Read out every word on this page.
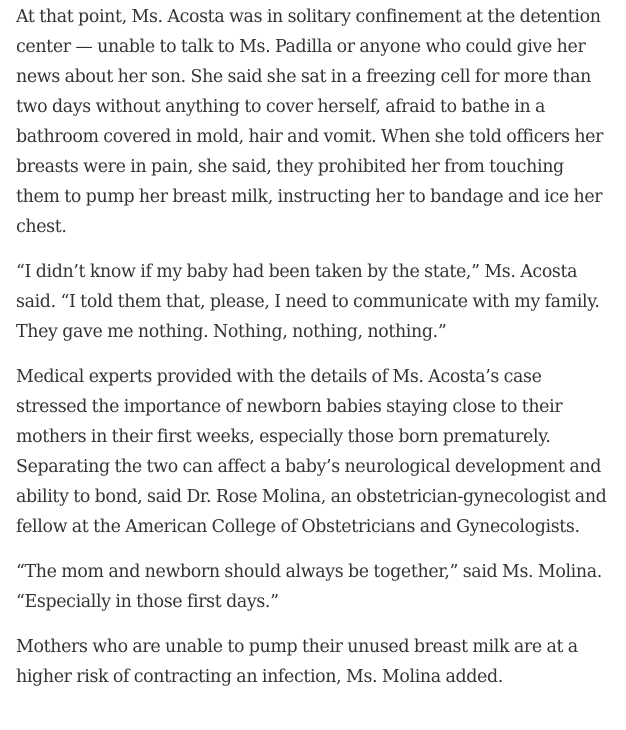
At that point, Ms. Acosta was in solitary confinement at the detention center — unable to talk to Ms. Padilla or anyone who could give her news about her son. She said she sat in a freezing cell for more than two days without anything to cover herself, afraid to bathe in a bathroom covered in mold, hair and vomit. When she told officers her breasts were in pain, she said, they prohibited her from touching them to pump her breast milk, instructing her to bandage and ice her chest.

“I didn’t know if my baby had been taken by the state,” Ms. Acosta said. “I told them that, please, I need to communicate with my family. They gave me nothing. Nothing, nothing, nothing.”

Medical experts provided with the details of Ms. Acosta’s case stressed the importance of newborn babies staying close to their mothers in their first weeks, especially those born prematurely. Separating the two can affect a baby’s neurological development and ability to bond, said Dr. Rose Molina, an obstetrician-gynecologist and fellow at the American College of Obstetricians and Gynecologists.

“The mom and newborn should always be together,” said Ms. Molina. “Especially in those first days.”

Mothers who are unable to pump their unused breast milk are at a higher risk of contracting an infection, Ms. Molina added.
